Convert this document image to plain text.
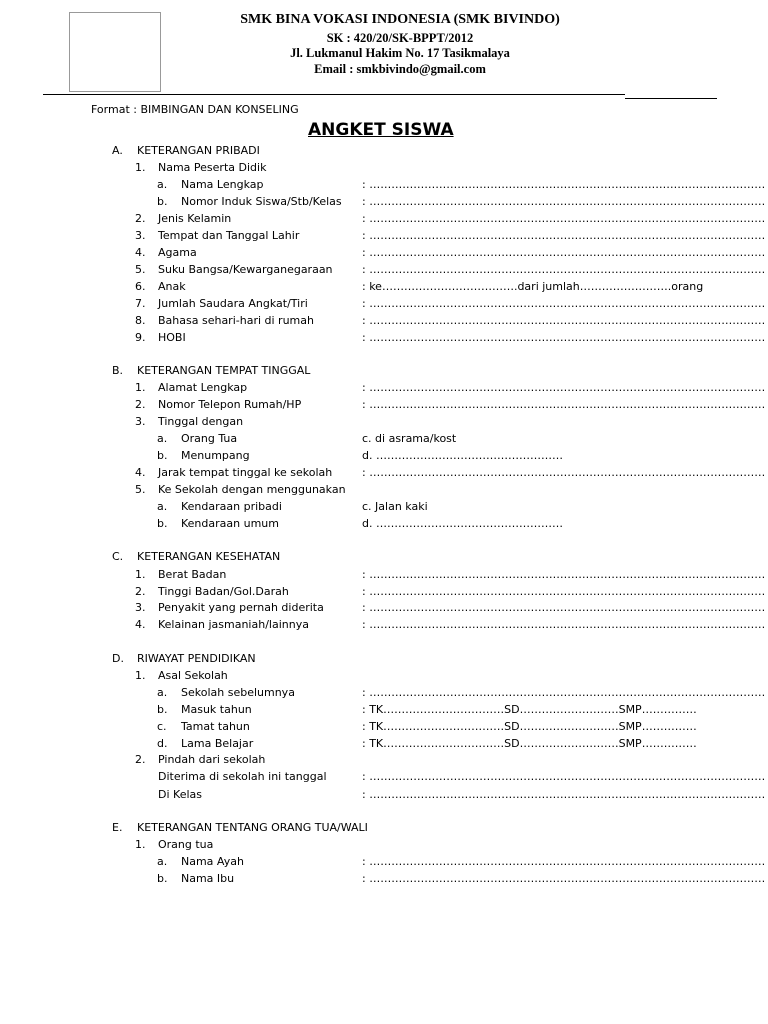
SMK BINA VOKASI INDONESIA (SMK BIVINDO)
SK : 420/20/SK-BPPT/2012
Jl. Lukmanul Hakim No. 17 Tasikmalaya
Email : smkbivindo@gmail.com
Format : BIMBINGAN DAN KONSELING
ANGKET SISWA
A. KETERANGAN PRIBADI
1. Nama Peserta Didik
a. Nama Lengkap	: ………………………………………………………………………………………………
b. Nomor Induk Siswa/Stb/Kelas : ………………………………………………………………………………………………
2. Jenis Kelamin	: ………………………………………………………………………………………………
3. Tempat dan Tanggal Lahir	: ………………………………………………………………………………………………
4. Agama	: ………………………………………………………………………………………………
5. Suku Bangsa/Kewarganegaraan	: ………………………………………………………………………………………………
6. Anak	: ke……………………………….dari jumlah…………………….orang
7. Jumlah Saudara Angkat/Tiri	: ………………………………………………………………………………………………
8. Bahasa sehari-hari di rumah	: ………………………………………………………………………………………………
9. HOBI	: ………………………………………………………………………………………………
B. KETERANGAN TEMPAT TINGGAL
1. Alamat Lengkap	: ………………………………………………………………………………………………
2. Nomor Telepon Rumah/HP	: ………………………………………………………………………………………………
3. Tinggal dengan
a. Orang Tua	c. di asrama/kost
b. Menumpang	d. ……………………………………………
4. Jarak tempat tinggal ke sekolah	: ………………………………………………………………………………………………
5. Ke Sekolah dengan menggunakan
a. Kendaraan pribadi	c. Jalan kaki
b. Kendaraan umum	d. ……………………………………………
C. KETERANGAN KESEHATAN
1. Berat Badan	: ………………………………………………………………………………………………
2. Tinggi Badan/Gol.Darah	: ………………………………………………………………………………………………
3. Penyakit yang pernah diderita	: ………………………………………………………………………………………………
4. Kelainan jasmaniah/lainnya	: ………………………………………………………………………………………………
D. RIWAYAT PENDIDIKAN
1. Asal Sekolah
a. Sekolah sebelumnya	: ………………………………………………………………………………………………
b. Masuk tahun	: TK……………………………SD………………………SMP……………
c. Tamat tahun	: TK……………………………SD………………………SMP……………
d. Lama Belajar	: TK……………………………SD………………………SMP……………
2. Pindah dari sekolah
Diterima di sekolah ini tanggal	: ………………………………………………………………………………………………
Di Kelas	: ………………………………………………………………………………………………
E. KETERANGAN TENTANG ORANG TUA/WALI
1. Orang tua
a. Nama Ayah	: ………………………………………………………………………………………………
b. Nama Ibu	: ………………………………………………………………………………………………
